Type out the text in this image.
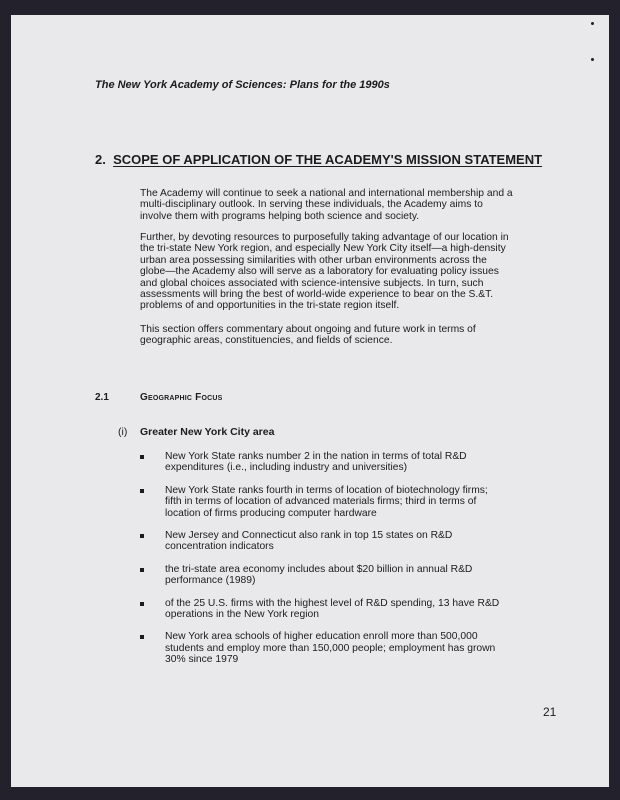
The New York Academy of Sciences: Plans for the 1990s
2. SCOPE OF APPLICATION OF THE ACADEMY'S MISSION STATEMENT
The Academy will continue to seek a national and international membership and a
multi-disciplinary outlook. In serving these individuals, the Academy aims to
involve them with programs helping both science and society.
Further, by devoting resources to purposefully taking advantage of our location in
the tri-state New York region, and especially New York City itself—a high-density
urban area possessing similarities with other urban environments across the
globe—the Academy also will serve as a laboratory for evaluating policy issues
and global choices associated with science-intensive subjects. In turn, such
assessments will bring the best of world-wide experience to bear on the S.&T.
problems of and opportunities in the tri-state region itself.
This section offers commentary about ongoing and future work in terms of
geographic areas, constituencies, and fields of science.
2.1	Geographic Focus
(i) Greater New York City area
New York State ranks number 2 in the nation in terms of total R&D
expenditures (i.e., including industry and universities)
New York State ranks fourth in terms of location of biotechnology firms;
fifth in terms of location of advanced materials firms; third in terms of
location of firms producing computer hardware
New Jersey and Connecticut also rank in top 15 states on R&D
concentration indicators
the tri-state area economy includes about $20 billion in annual R&D
performance (1989)
of the 25 U.S. firms with the highest level of R&D spending, 13 have R&D
operations in the New York region
New York area schools of higher education enroll more than 500,000
students and employ more than 150,000 people; employment has grown
30% since 1979
21
